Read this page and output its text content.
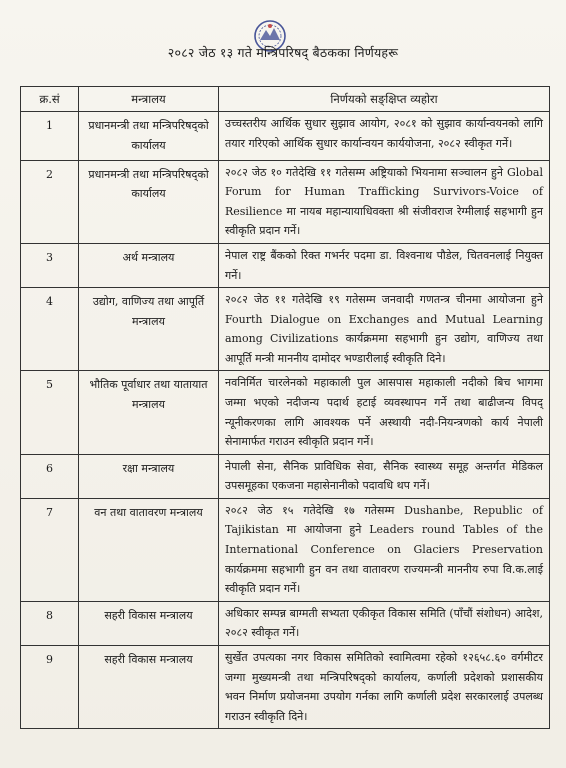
२०८२ जेठ १३ गते मन्त्रिपरिषद् बैठकका निर्णयहरू
क्र.सं	मन्त्रालय	निर्णयको सङ्क्षिप्त व्यहोरा
1	प्रधानमन्त्री तथा मन्त्रिपरिषद्को कार्यालय	उच्चस्तरीय आर्थिक सुधार सुझाव आयोग, २०८१ को सुझाव कार्यान्वयनको लागि तयार गरिएको आर्थिक सुधार कार्यान्वयन कार्ययोजना, २०८२ स्वीकृत गर्ने।
2	प्रधानमन्त्री तथा मन्त्रिपरिषद्को कार्यालय	२०८२ जेठ १० गतेदेखि ११ गतेसम्म अष्ट्रियाको भियनामा सञ्चालन हुने Global Forum for Human Trafficking Survivors-Voice of Resilience मा नायब महान्यायाधिवक्ता श्री संजीवराज रेग्मीलाई सहभागी हुन स्वीकृति प्रदान गर्ने।
3	अर्थ मन्त्रालय	नेपाल राष्ट्र बैंकको रिक्त गभर्नर पदमा डा. विश्वनाथ पौडेल, चितवनलाई नियुक्त गर्ने।
4	उद्योग, वाणिज्य तथा आपूर्ति मन्त्रालय	२०८२ जेठ ११ गतेदेखि १९ गतेसम्म जनवादी गणतन्त्र चीनमा आयोजना हुने Fourth Dialogue on Exchanges and Mutual Learning among Civilizations कार्यक्रममा सहभागी हुन उद्योग, वाणिज्य तथा आपूर्ति मन्त्री माननीय दामोदर भण्डारीलाई स्वीकृति दिने।
5	भौतिक पूर्वाधार तथा यातायात मन्त्रालय	नवनिर्मित चारलेनको महाकाली पुल आसपास महाकाली नदीको बिच भागमा जम्मा भएको नदीजन्य पदार्थ हटाई व्यवस्थापन गर्ने तथा बाढीजन्य विपद् न्यूनीकरणका लागि आवश्यक पर्ने अस्थायी नदी-नियन्त्रणको कार्य नेपाली सेनामार्फत गराउन स्वीकृति प्रदान गर्ने।
6	रक्षा मन्त्रालय	नेपाली सेना, सैनिक प्राविधिक सेवा, सैनिक स्वास्थ्य समूह अन्तर्गत मेडिकल उपसमूहका एकजना महासेनानीको पदावधि थप गर्ने।
7	वन तथा वातावरण मन्त्रालय	२०८२ जेठ १५ गतेदेखि १७ गतेसम्म Dushanbe, Republic of Tajikistan मा आयोजना हुने Leaders round Tables of the International Conference on Glaciers Preservation कार्यक्रममा सहभागी हुन वन तथा वातावरण राज्यमन्त्री माननीय रुपा वि.क.लाई स्वीकृति प्रदान गर्ने।
8	सहरी विकास मन्त्रालय	अधिकार सम्पन्न बाग्मती सभ्यता एकीकृत विकास समिति (पाँचौं संशोधन) आदेश, २०८२ स्वीकृत गर्ने।
9	सहरी विकास मन्त्रालय	सुर्खेत उपत्यका नगर विकास समितिको स्वामित्वमा रहेको १२६५८.६० वर्गमीटर जग्गा मुख्यमन्त्री तथा मन्त्रिपरिषद्को कार्यालय, कर्णाली प्रदेशको प्रशासकीय भवन निर्माण प्रयोजनमा उपयोग गर्नका लागि कर्णाली प्रदेश सरकारलाई उपलब्ध गराउन स्वीकृति दिने।
